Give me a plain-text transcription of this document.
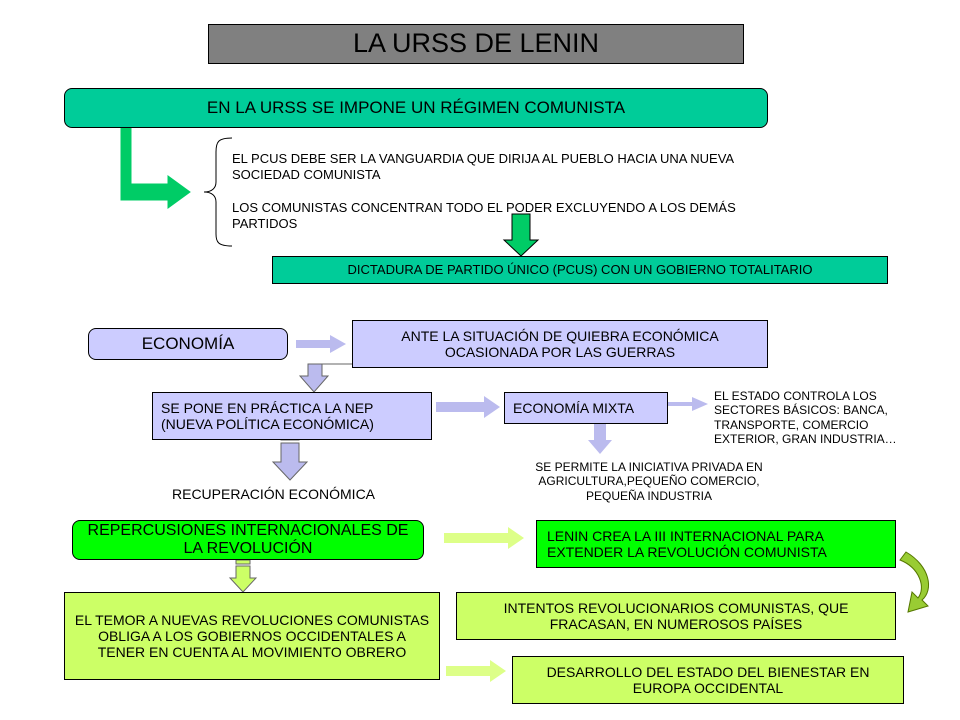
LA URSS DE LENIN
EN LA URSS SE IMPONE UN RÉGIMEN COMUNISTA
EL PCUS DEBE SER LA VANGUARDIA QUE DIRIJA AL PUEBLO HACIA UNA NUEVA SOCIEDAD COMUNISTA
LOS COMUNISTAS CONCENTRAN TODO EL PODER EXCLUYENDO A LOS DEMÁS PARTIDOS
DICTADURA DE PARTIDO ÚNICO (PCUS) CON UN GOBIERNO TOTALITARIO
ECONOMÍA	ANTE LA SITUACIÓN DE QUIEBRA ECONÓMICA OCASIONADA POR LAS GUERRAS
SE PONE EN PRÁCTICA LA NEP (NUEVA POLÍTICA ECONÓMICA)
ECONOMÍA MIXTA
EL ESTADO CONTROLA LOS SECTORES BÁSICOS: BANCA, TRANSPORTE, COMERCIO EXTERIOR, GRAN INDUSTRIA…
SE PERMITE LA INICIATIVA PRIVADA EN AGRICULTURA,PEQUEÑO COMERCIO, PEQUEÑA INDUSTRIA
RECUPERACIÓN ECONÓMICA
REPERCUSIONES INTERNACIONALES DE LA REVOLUCIÓN
LENIN CREA LA III INTERNACIONAL PARA EXTENDER LA REVOLUCIÓN COMUNISTA
EL TEMOR A NUEVAS REVOLUCIONES COMUNISTAS OBLIGA A LOS GOBIERNOS OCCIDENTALES A TENER EN CUENTA AL MOVIMIENTO OBRERO
INTENTOS REVOLUCIONARIOS COMUNISTAS, QUE FRACASAN, EN NUMEROSOS PAÍSES
DESARROLLO DEL ESTADO DEL BIENESTAR EN EUROPA OCCIDENTAL
